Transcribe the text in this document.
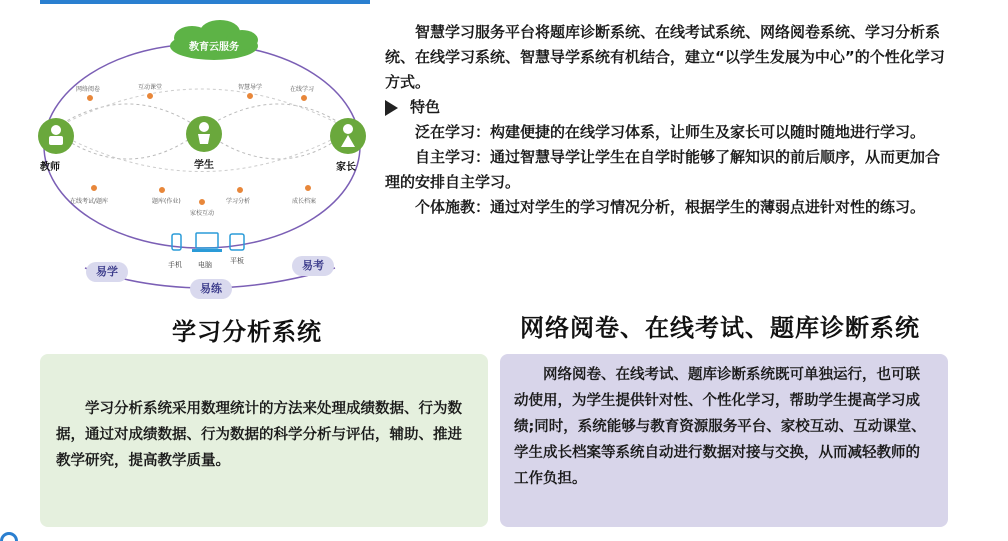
教育云服务
网络阅卷	互动课堂	智慧导学	在线学习
在线考试/题库	题库(作业)
家校互动
学习分析	成长档案
教师	学生	家长
手机 电脑	平板
易学	易考
易练

智慧学习服务平台将题库诊断系统、在线考试系统、网络阅卷系统、学习分析系统、在线学习系统、智慧导学系统有机结合，建立“以学生发展为中心”的个性化学习方式。

特色

泛在学习：构建便捷的在线学习体系，让师生及家长可以随时随地进行学习。

自主学习：通过智慧导学让学生在自学时能够了解知识的前后顺序，从而更加合理的安排自主学习。

个体施教：通过对学生的学习情况分析，根据学生的薄弱点进针对性的练习。

学习分析系统	网络阅卷、在线考试、题库诊断系统

学习分析系统采用数理统计的方法来处理成绩数据、行为数据，通过对成绩数据、行为数据的科学分析与评估，辅助、推进教学研究，提高教学质量。

网络阅卷、在线考试、题库诊断系统既可单独运行，也可联动使用，为学生提供针对性、个性化学习，帮助学生提高学习成绩;同时，系统能够与教育资源服务平台、家校互动、互动课堂、学生成长档案等系统自动进行数据对接与交换，从而减轻教师的工作负担。
